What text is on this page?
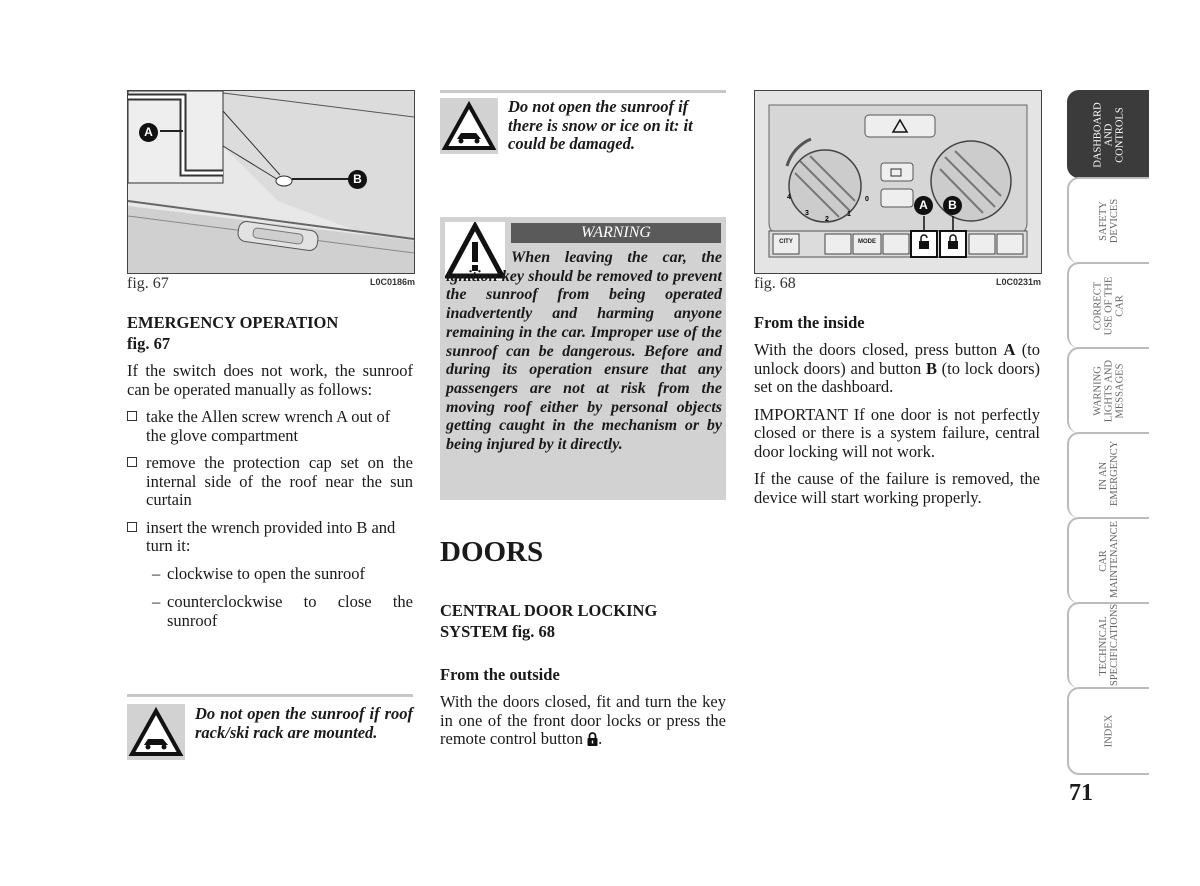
A
B
fig. 67	L0C0186m

EMERGENCY OPERATION

fig. 67

If the switch does not work, the sunroof can be operated manually as follows:

take the Allen screw wrench A out of the glove compartment

remove the protection cap set on the internal side of the roof near the sun curtain

insert the wrench provided into B and turn it:

– clockwise to open the sunroof

– counterclockwise to close the sunroof

Do not open the sunroof if roof rack/ski rack are mounted.

Do not open the sunroof if there is snow or ice on it: it could be damaged.

WARNING

When leaving the car, the ignition key should be removed to prevent the sunroof from being operated inadvertently and harming anyone remaining in the car. Improper use of the sunroof can be dangerous. Before and during its operation ensure that any passengers are not at risk from the moving roof either by personal objects getting caught in the mechanism or by being injured by it directly.

DOORS

CENTRAL DOOR LOCKING

SYSTEM fig. 68

From the outside

With the doors closed, fit and turn the key in one of the front door locks or press the remote control button .

4
3
2
1
0
CITY	MODE
A	B
fig. 68	L0C0231m

From the inside

With the doors closed, press button A (to unlock doors) and button B (to lock doors) set on the dashboard.

IMPORTANT If one door is not perfectly closed or there is a system failure, central door locking will not work.

If the cause of the failure is removed, the device will start working properly.

DASHBOARD AND CONTROLS
SAFETY DEVICES
CORRECT USE OF THE CAR
WARNING LIGHTS AND MESSAGES
IN AN EMERGENCY
CAR MAINTENANCE
TECHNICAL SPECIFICATIONS
INDEX
71
